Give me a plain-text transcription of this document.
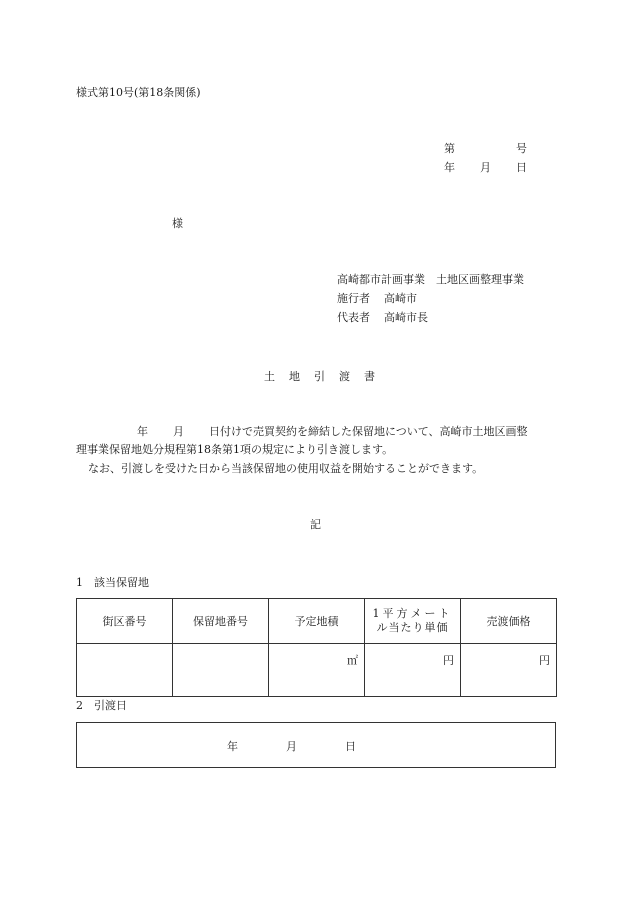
様式第10号(第18条関係)
第	号
年 月 日
様
高崎都市計画事業　土地区画整理事業
施行者 高崎市
代表者 高崎市長
土地引渡書
年 月 日付けで売買契約を締結した保留地について、高崎市土地区画整
理事業保留地処分規程第18条第1項の規定により引き渡します。
なお、引渡しを受けた日から当該保留地の使用収益を開始することができます。
記
1　該当保留地
街区番号	保留地番号	予定地積	1平方メート
ル当たり単価	売渡価格
		㎡	円	円
2　引渡日
年	月	日
